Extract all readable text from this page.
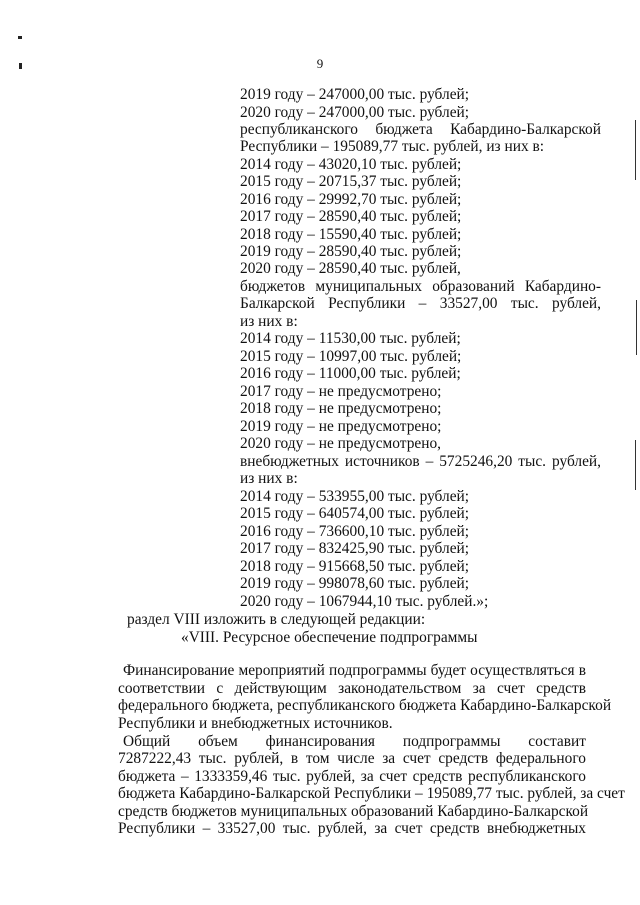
9
2019 году – 247000,00 тыс. рублей;
2020 году – 247000,00 тыс. рублей;
республиканского бюджета Кабардино-Балкарской
Республики – 195089,77 тыс. рублей, из них в:
2014 году – 43020,10 тыс. рублей;
2015 году – 20715,37 тыс. рублей;
2016 году – 29992,70 тыс. рублей;
2017 году – 28590,40 тыс. рублей;
2018 году – 15590,40 тыс. рублей;
2019 году – 28590,40 тыс. рублей;
2020 году – 28590,40 тыс. рублей,
бюджетов муниципальных образований Кабардино-
Балкарской Республики – 33527,00 тыс. рублей,
из них в:
2014 году – 11530,00 тыс. рублей;
2015 году – 10997,00 тыс. рублей;
2016 году – 11000,00 тыс. рублей;
2017 году – не предусмотрено;
2018 году – не предусмотрено;
2019 году – не предусмотрено;
2020 году – не предусмотрено,
внебюджетных источников – 5725246,20 тыс. рублей,
из них в:
2014 году – 533955,00 тыс. рублей;
2015 году – 640574,00 тыс. рублей;
2016 году – 736600,10 тыс. рублей;
2017 году – 832425,90 тыс. рублей;
2018 году – 915668,50 тыс. рублей;
2019 году – 998078,60 тыс. рублей;
2020 году – 1067944,10 тыс. рублей.»;
раздел VIII изложить в следующей редакции:
«VIII. Ресурсное обеспечение подпрограммы
Финансирование мероприятий подпрограммы будет осуществляться в
соответствии с действующим законодательством за счет средств
федерального бюджета, республиканского бюджета Кабардино-Балкарской
Республики и внебюджетных источников.
Общий объем финансирования подпрограммы составит
7287222,43 тыс. рублей, в том числе за счет средств федерального
бюджета – 1333359,46 тыс. рублей, за счет средств республиканского
бюджета Кабардино-Балкарской Республики – 195089,77 тыс. рублей, за счет
средств бюджетов муниципальных образований Кабардино-Балкарской
Республики – 33527,00 тыс. рублей, за счет средств внебюджетных
